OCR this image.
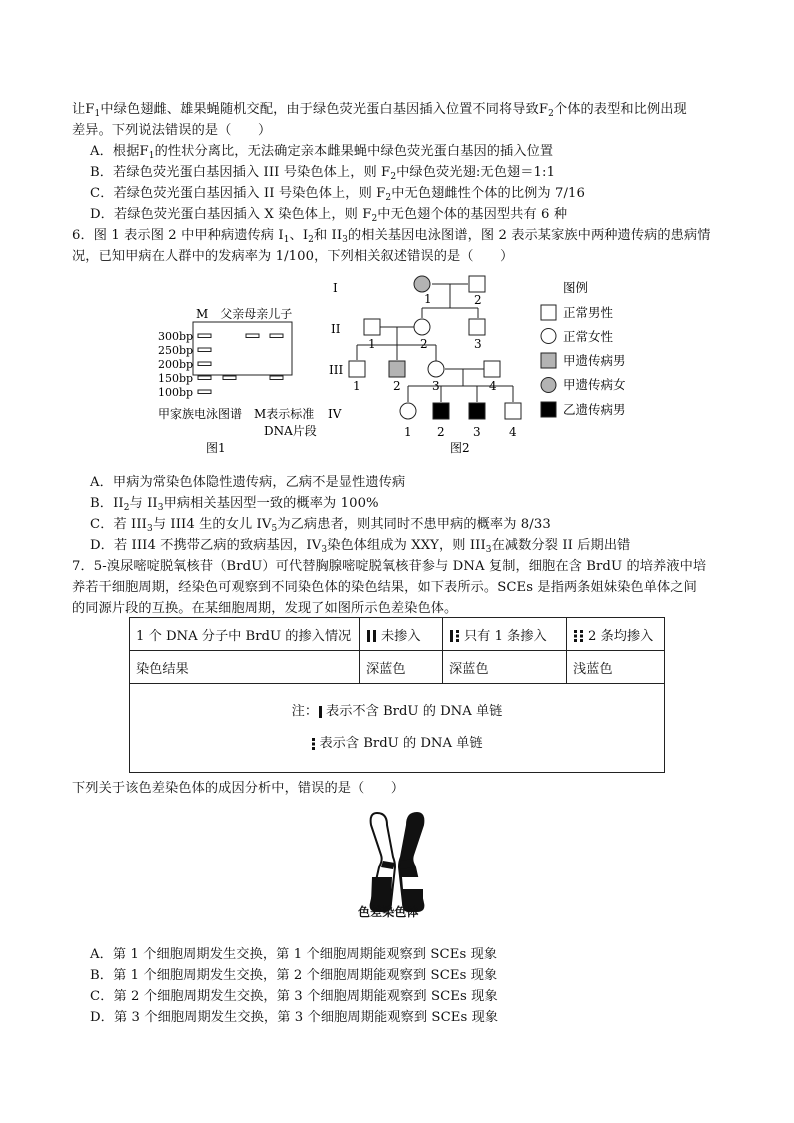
让$F_1$中绿色翅雌、雄果蝇随机交配，由于绿色荧光蛋白基因插入位置不同将导致$F_2$个体的表型和比例出现
差异。下列说法错误的是（　　）
A．根据$F_1$的性状分离比，无法确定亲本雌果蝇中绿色荧光蛋白基因的插入位置
B．若绿色荧光蛋白基因插入 III 号染色体上，则 $F_2$中绿色荧光翅:无色翅＝1:1
C．若绿色荧光蛋白基因插入 II 号染色体上，则 $F_2$中无色翅雌性个体的比例为 7/16
D．若绿色荧光蛋白基因插入 X 染色体上，则 $F_2$中无色翅个体的基因型共有 6 种
6．图 1 表示图 2 中甲种病遗传病 $I_1$、$I_2$和 $II_3$的相关基因电泳图谱，图 2 表示某家族中两种遗传病的患病情
况，已知甲病在人群中的发病率为 1/100，下列相关叙述错误的是（　　）
M　父亲母亲儿子
300bp
250bp
200bp
150bp
100bp
甲家族电泳图谱 M表示标准
DNA片段
图1
1	2
1	2	3
1	2	3	4
1 2 3 4
I
II
III
IV
图2
图例
正常男性
正常女性
甲遗传病男
甲遗传病女
乙遗传病男
A．甲病为常染色体隐性遗传病，乙病不是显性遗传病
B．$II_2$与 $II_3$甲病相关基因型一致的概率为 100%
C．若 $III_3$与 III4 生的女儿 $IV_5$为乙病患者，则其同时不患甲病的概率为 8/33
D．若 III4 不携带乙病的致病基因，$IV_3$染色体组成为 XXY，则 $III_3$在减数分裂 II 后期出错
7．5-溴尿嘧啶脱氧核苷（BrdU）可代替胸腺嘧啶脱氧核苷参与 DNA 复制，细胞在含 BrdU 的培养液中培
养若干细胞周期，经染色可观察到不同染色体的染色结果，如下表所示。SCEs 是指两条姐妹染色单体之间
的同源片段的互换。在某细胞周期，发现了如图所示色差染色体。
1 个 DNA 分子中 BrdU 的掺入情况	未掺入	只有 1 条掺入	2 条均掺入
染色结果	深蓝色	深蓝色	浅蓝色

注： 表示不含 BrdU 的 DNA 单链
表示含 BrdU 的 DNA 单链			
下列关于该色差染色体的成因分析中，错误的是（　　）
色差染色体
A．第 1 个细胞周期发生交换，第 1 个细胞周期能观察到 SCEs 现象
B．第 1 个细胞周期发生交换，第 2 个细胞周期能观察到 SCEs 现象
C．第 2 个细胞周期发生交换，第 3 个细胞周期能观察到 SCEs 现象
D．第 3 个细胞周期发生交换，第 3 个细胞周期能观察到 SCEs 现象
